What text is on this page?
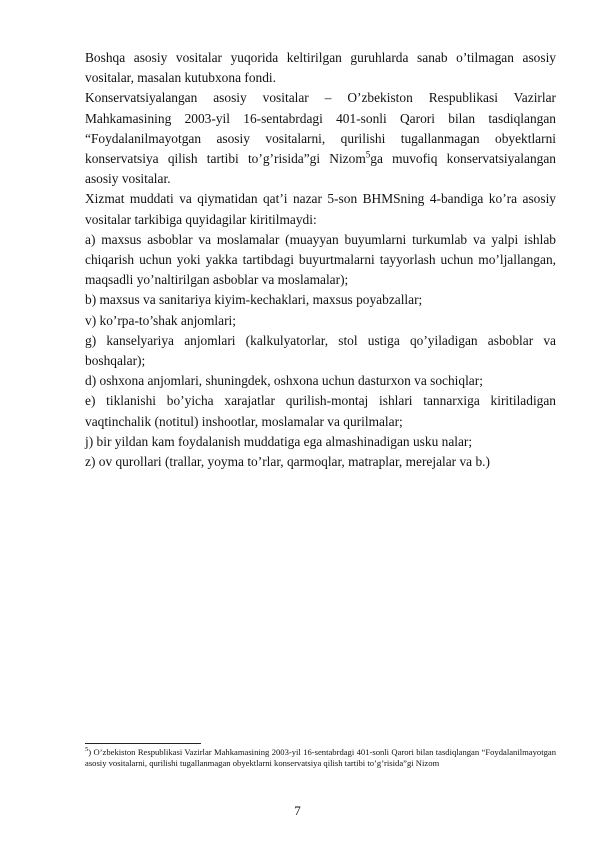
Boshqa asosiy vositalar yuqorida keltirilgan guruhlarda sanab o’tilmagan asosiy vositalar, masalan kutubxona fondi.

Konservatsiyalangan asosiy vositalar – O’zbekiston Respublikasi Vazirlar Mahkamasining 2003-yil 16-sentabrdagi 401-sonli Qarori bilan tasdiqlangan “Foydalanilmayotgan asosiy vositalarni, qurilishi tugallanmagan obyektlarni konservatsiya qilish tartibi to’g’risida”gi Nizom$^5$ga muvofiq konservatsiyalangan asosiy vositalar.

Xizmat muddati va qiymatidan qat’i nazar 5-son BHMSning 4-bandiga ko’ra asosiy vositalar tarkibiga quyidagilar kiritilmaydi:

a) maxsus asboblar va moslamalar (muayyan buyumlarni turkumlab va yalpi ishlab chiqarish uchun yoki yakka tartibdagi buyurtmalarni tayyorlash uchun mo’ljallangan, maqsadli yo’naltirilgan asboblar va moslamalar);

b) maxsus va sanitariya kiyim-kechaklari, maxsus poyabzallar;

v) ko’rpa-to’shak anjomlari;

g) kanselyariya anjomlari (kalkulyatorlar, stol ustiga qo’yiladigan asboblar va boshqalar);

d) oshxona anjomlari, shuningdek, oshxona uchun dasturxon va sochiqlar;

e) tiklanishi bo’yicha xarajatlar qurilish-montaj ishlari tannarxiga kiritiladigan vaqtinchalik (notitul) inshootlar, moslamalar va qurilmalar;

j) bir yildan kam foydalanish muddatiga ega almashinadigan usku nalar;

z) ov qurollari (trallar, yoyma to’rlar, qarmoqlar, matraplar, merejalar va b.)

$^5$) O’zbekiston Respublikasi Vazirlar Mahkamasining 2003-yil 16-sentabrdagi 401-sonli Qarori bilan tasdiqlangan “Foydalanilmayotgan asosiy vositalarni, qurilishi tugallanmagan obyektlarni konservatsiya qilish tartibi to’g’risida”gi Nizom
7
